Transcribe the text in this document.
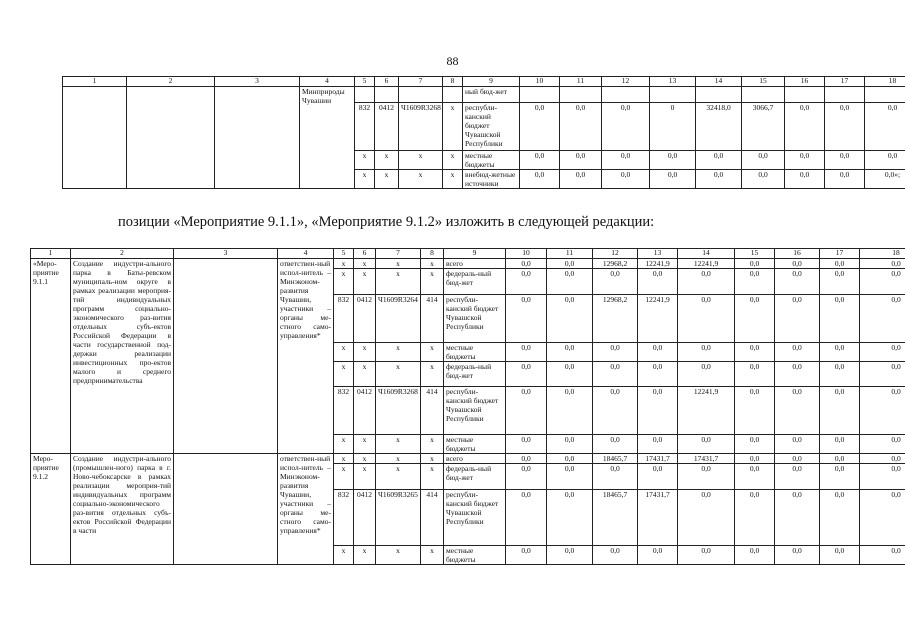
88
1	2	3	4	5	6	7	8	9	10	11	12	13	14	15	16	17	18
			Минприроды Чувашии					ный бюд-жет									
				832	0412	Ч1609R3268	x	республи-канский бюджет Чувашской Республики	0,0	0,0	0,0	0	32418,0	3066,7	0,0	0,0	0,0
				x	x	x	x	местные бюджеты	0,0	0,0	0,0	0,0	0,0	0,0	0,0	0,0	0,0
				x	x	x	x	внебюд-жетные источники	0,0	0,0	0,0	0,0	0,0	0,0	0,0	0,0	0,0»;
позиции «Мероприятие 9.1.1», «Мероприятие 9.1.2» изложить в следующей редакции:
1	2	3	4	5	6	7	8	9	10	11	12	13	14	15	16	17	18
«Меро-приятие 9.1.1	Создание индустри-ального парка в Баты-ревском муниципаль-ном округе в рамках реализации мероприя-тий индивидуальных программ социально-экономического раз-вития отдельных субъ-ектов Российской Федерации в части государственной под-держки реализации инвестиционных про-ектов малого и среднего предпринимательства		ответствен-ный испол-нитель – Минэконом-развития Чувашии, участники – органы ме-стного само-управления*	x	x	x	x	всего	0,0	0,0	12968,2	12241,9	12241,9	0,0	0,0	0,0	0,0
				x	x	x	x	федераль-ный бюд-жет	0,0	0,0	0,0	0,0	0,0	0,0	0,0	0,0	0,0
				832	0412	Ч1609R3264	414	республи-канский бюджет Чувашской Республики	0,0	0,0	12968,2	12241,9	0,0	0,0	0,0	0,0	0,0
				x	x	x	x	местные бюджеты	0,0	0,0	0,0	0,0	0,0	0,0	0,0	0,0	0,0
				x	x	x	x	федераль-ный бюд-жет	0,0	0,0	0,0	0,0	0,0	0,0	0,0	0,0	0,0
				832	0412	Ч1609R3268	414	республи-канский бюджет Чувашской Республики	0,0	0,0	0,0	0,0	12241,9	0,0	0,0	0,0	0,0
				x	x	x	x	местные бюджеты	0,0	0,0	0,0	0,0	0,0	0,0	0,0	0,0	0,0
Меро-приятие 9.1.2	Создание индустри-ального (промышлен-ного) парка в г. Ново-чебоксарске в рамках реализации мероприя-тий индивидуальных программ социально-экономического раз-вития отдельных субъ-ектов Российской Федерации в части		ответствен-ный испол-нитель – Минэконом-развития Чувашии, участники – органы ме-стного само-управления*	x	x	x	x	всего	0,0	0,0	18465,7	17431,7	17431,7	0,0	0,0	0,0	0,0
				x	x	x	x	федераль-ный бюд-жет	0,0	0,0	0,0	0,0	0,0	0,0	0,0	0,0	0,0
				832	0412	Ч1609R3265	414	республи-канский бюджет Чувашской Республики	0,0	0,0	18465,7	17431,7	0,0	0,0	0,0	0,0	0,0
				x	x	x	x	местные бюджеты	0,0	0,0	0,0	0,0	0,0	0,0	0,0	0,0	0,0
